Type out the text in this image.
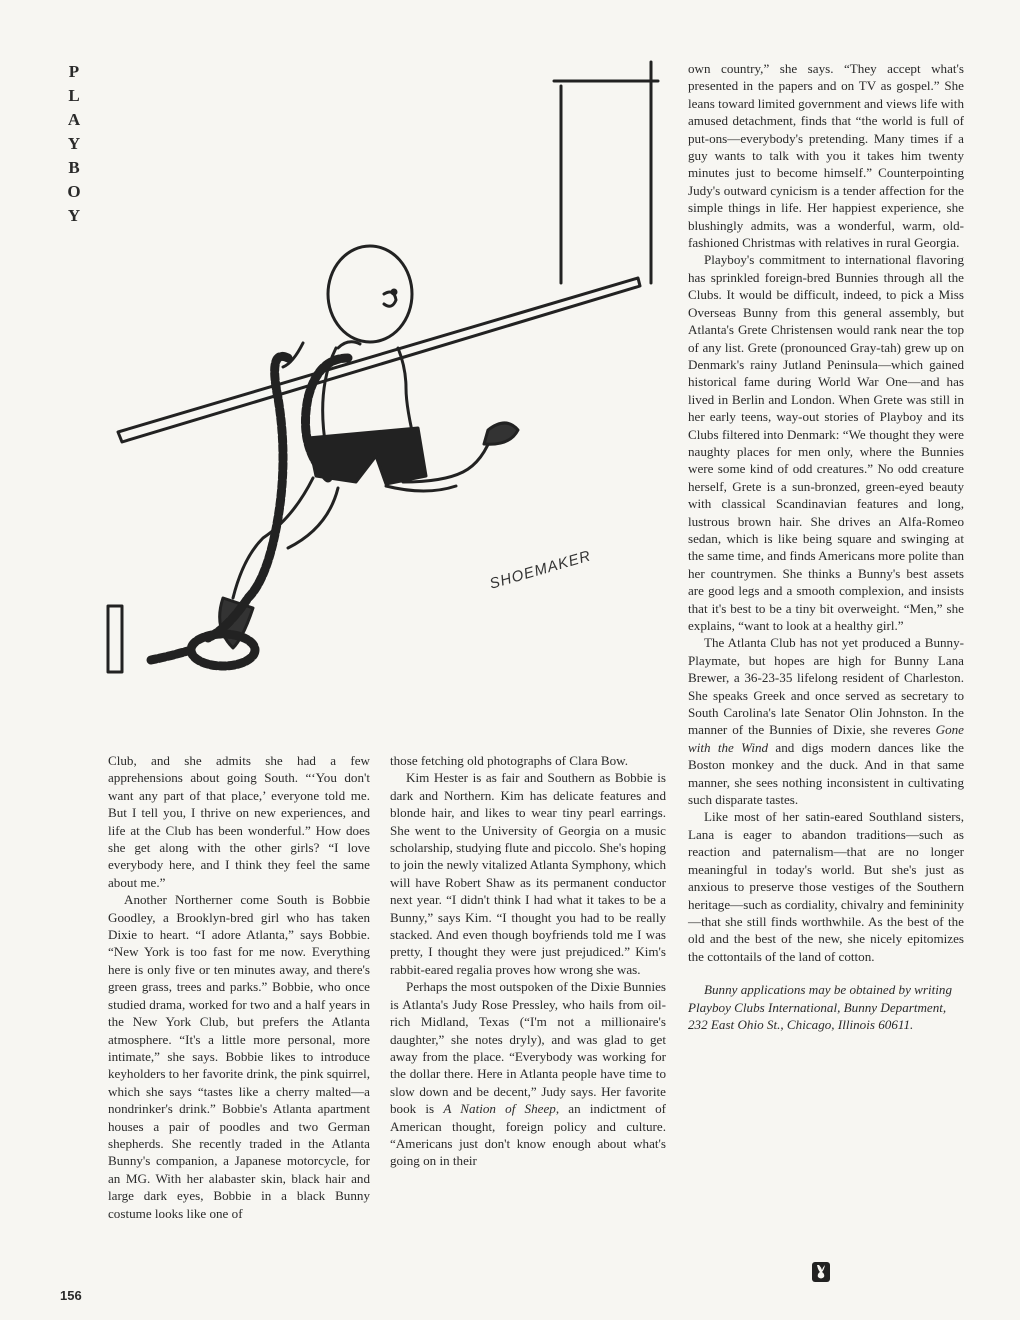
P
L
A
Y
B
O
Y
SHOEMAKER

Club, and she admits she had a few apprehensions about going South. “‘You don't want any part of that place,’ everyone told me. But I tell you, I thrive on new experiences, and life at the Club has been wonderful.” How does she get along with the other girls? “I love everybody here, and I think they feel the same about me.”

Another Northerner come South is Bobbie Goodley, a Brooklyn-bred girl who has taken Dixie to heart. “I adore Atlanta,” says Bobbie. “New York is too fast for me now. Everything here is only five or ten minutes away, and there's green grass, trees and parks.” Bobbie, who once studied drama, worked for two and a half years in the New York Club, but prefers the Atlanta atmosphere. “It's a little more personal, more intimate,” she says. Bobbie likes to introduce keyholders to her favorite drink, the pink squirrel, which she says “tastes like a cherry malted—a nondrinker's drink.” Bobbie's Atlanta apartment houses a pair of poodles and two German shepherds. She recently traded in the Atlanta Bunny's companion, a Japanese motorcycle, for an MG. With her alabaster skin, black hair and large dark eyes, Bobbie in a black Bunny costume looks like one of

those fetching old photographs of Clara Bow.

Kim Hester is as fair and Southern as Bobbie is dark and Northern. Kim has delicate features and blonde hair, and likes to wear tiny pearl earrings. She went to the University of Georgia on a music scholarship, studying flute and piccolo. She's hoping to join the newly vitalized Atlanta Symphony, which will have Robert Shaw as its permanent conductor next year. “I didn't think I had what it takes to be a Bunny,” says Kim. “I thought you had to be really stacked. And even though boyfriends told me I was pretty, I thought they were just prejudiced.” Kim's rabbit-eared regalia proves how wrong she was.

Perhaps the most outspoken of the Dixie Bunnies is Atlanta's Judy Rose Pressley, who hails from oil-rich Midland, Texas (“I'm not a millionaire's daughter,” she notes dryly), and was glad to get away from the place. “Everybody was working for the dollar there. Here in Atlanta people have time to slow down and be decent,” Judy says. Her favorite book is A Nation of Sheep, an indictment of American thought, foreign policy and culture. “Americans just don't know enough about what's going on in their

own country,” she says. “They accept what's presented in the papers and on TV as gospel.” She leans toward limited government and views life with amused detachment, finds that “the world is full of put-ons—everybody's pretending. Many times if a guy wants to talk with you it takes him twenty minutes just to become himself.” Counterpointing Judy's outward cynicism is a tender affection for the simple things in life. Her happiest experience, she blushingly admits, was a wonderful, warm, old-fashioned Christmas with relatives in rural Georgia.

Playboy's commitment to international flavoring has sprinkled foreign-bred Bunnies through all the Clubs. It would be difficult, indeed, to pick a Miss Overseas Bunny from this general assembly, but Atlanta's Grete Christensen would rank near the top of any list. Grete (pronounced Gray-tah) grew up on Denmark's rainy Jutland Peninsula—which gained historical fame during World War One—and has lived in Berlin and London. When Grete was still in her early teens, way-out stories of Playboy and its Clubs filtered into Denmark: “We thought they were naughty places for men only, where the Bunnies were some kind of odd creatures.” No odd creature herself, Grete is a sun-bronzed, green-eyed beauty with classical Scandinavian features and long, lustrous brown hair. She drives an Alfa-Romeo sedan, which is like being square and swinging at the same time, and finds Americans more polite than her countrymen. She thinks a Bunny's best assets are good legs and a smooth complexion, and insists that it's best to be a tiny bit overweight. “Men,” she explains, “want to look at a healthy girl.”

The Atlanta Club has not yet produced a Bunny-Playmate, but hopes are high for Bunny Lana Brewer, a 36-23-35 lifelong resident of Charleston. She speaks Greek and once served as secretary to South Carolina's late Senator Olin Johnston. In the manner of the Bunnies of Dixie, she reveres Gone with the Wind and digs modern dances like the Boston monkey and the duck. And in that same manner, she sees nothing inconsistent in cultivating such disparate tastes.

Like most of her satin-eared Southland sisters, Lana is eager to abandon traditions—such as reaction and paternalism—that are no longer meaningful in today's world. But she's just as anxious to preserve those vestiges of the Southern heritage—such as cordiality, chivalry and femininity—that she still finds worthwhile. As the best of the old and the best of the new, she nicely epitomizes the cottontails of the land of cotton.

Bunny applications may be obtained by writing Playboy Clubs International, Bunny Department, 232 East Ohio St., Chicago, Illinois 60611.

156
